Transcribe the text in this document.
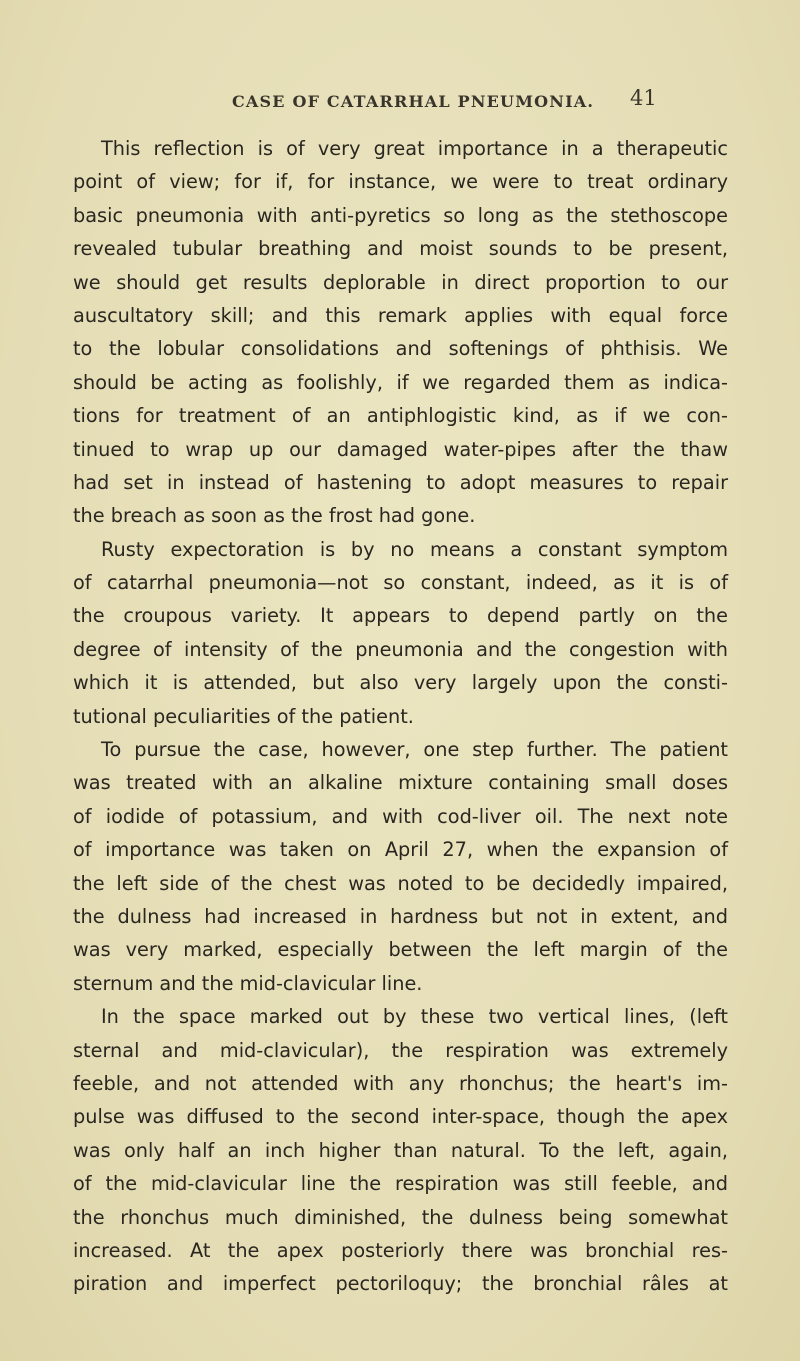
CASE OF CATARRHAL PNEUMONIA. 41
This reflection is of very great importance in a therapeutic
point of view; for if, for instance, we were to treat ordinary
basic pneumonia with anti-pyretics so long as the stethoscope
revealed tubular breathing and moist sounds to be present,
we should get results deplorable in direct proportion to our
auscultatory skill; and this remark applies with equal force
to the lobular consolidations and softenings of phthisis. We
should be acting as foolishly, if we regarded them as indica-
tions for treatment of an antiphlogistic kind, as if we con-
tinued to wrap up our damaged water-pipes after the thaw
had set in instead of hastening to adopt measures to repair
the breach as soon as the frost had gone.
Rusty expectoration is by no means a constant symptom
of catarrhal pneumonia—not so constant, indeed, as it is of
the croupous variety. It appears to depend partly on the
degree of intensity of the pneumonia and the congestion with
which it is attended, but also very largely upon the consti-
tutional peculiarities of the patient.
To pursue the case, however, one step further. The patient
was treated with an alkaline mixture containing small doses
of iodide of potassium, and with cod-liver oil. The next note
of importance was taken on April 27, when the expansion of
the left side of the chest was noted to be decidedly impaired,
the dulness had increased in hardness but not in extent, and
was very marked, especially between the left margin of the
sternum and the mid-clavicular line.
In the space marked out by these two vertical lines, (left
sternal and mid-clavicular), the respiration was extremely
feeble, and not attended with any rhonchus; the heart's im-
pulse was diffused to the second inter-space, though the apex
was only half an inch higher than natural. To the left, again,
of the mid-clavicular line the respiration was still feeble, and
the rhonchus much diminished, the dulness being somewhat
increased. At the apex posteriorly there was bronchial res-
piration and imperfect pectoriloquy; the bronchial râles at
